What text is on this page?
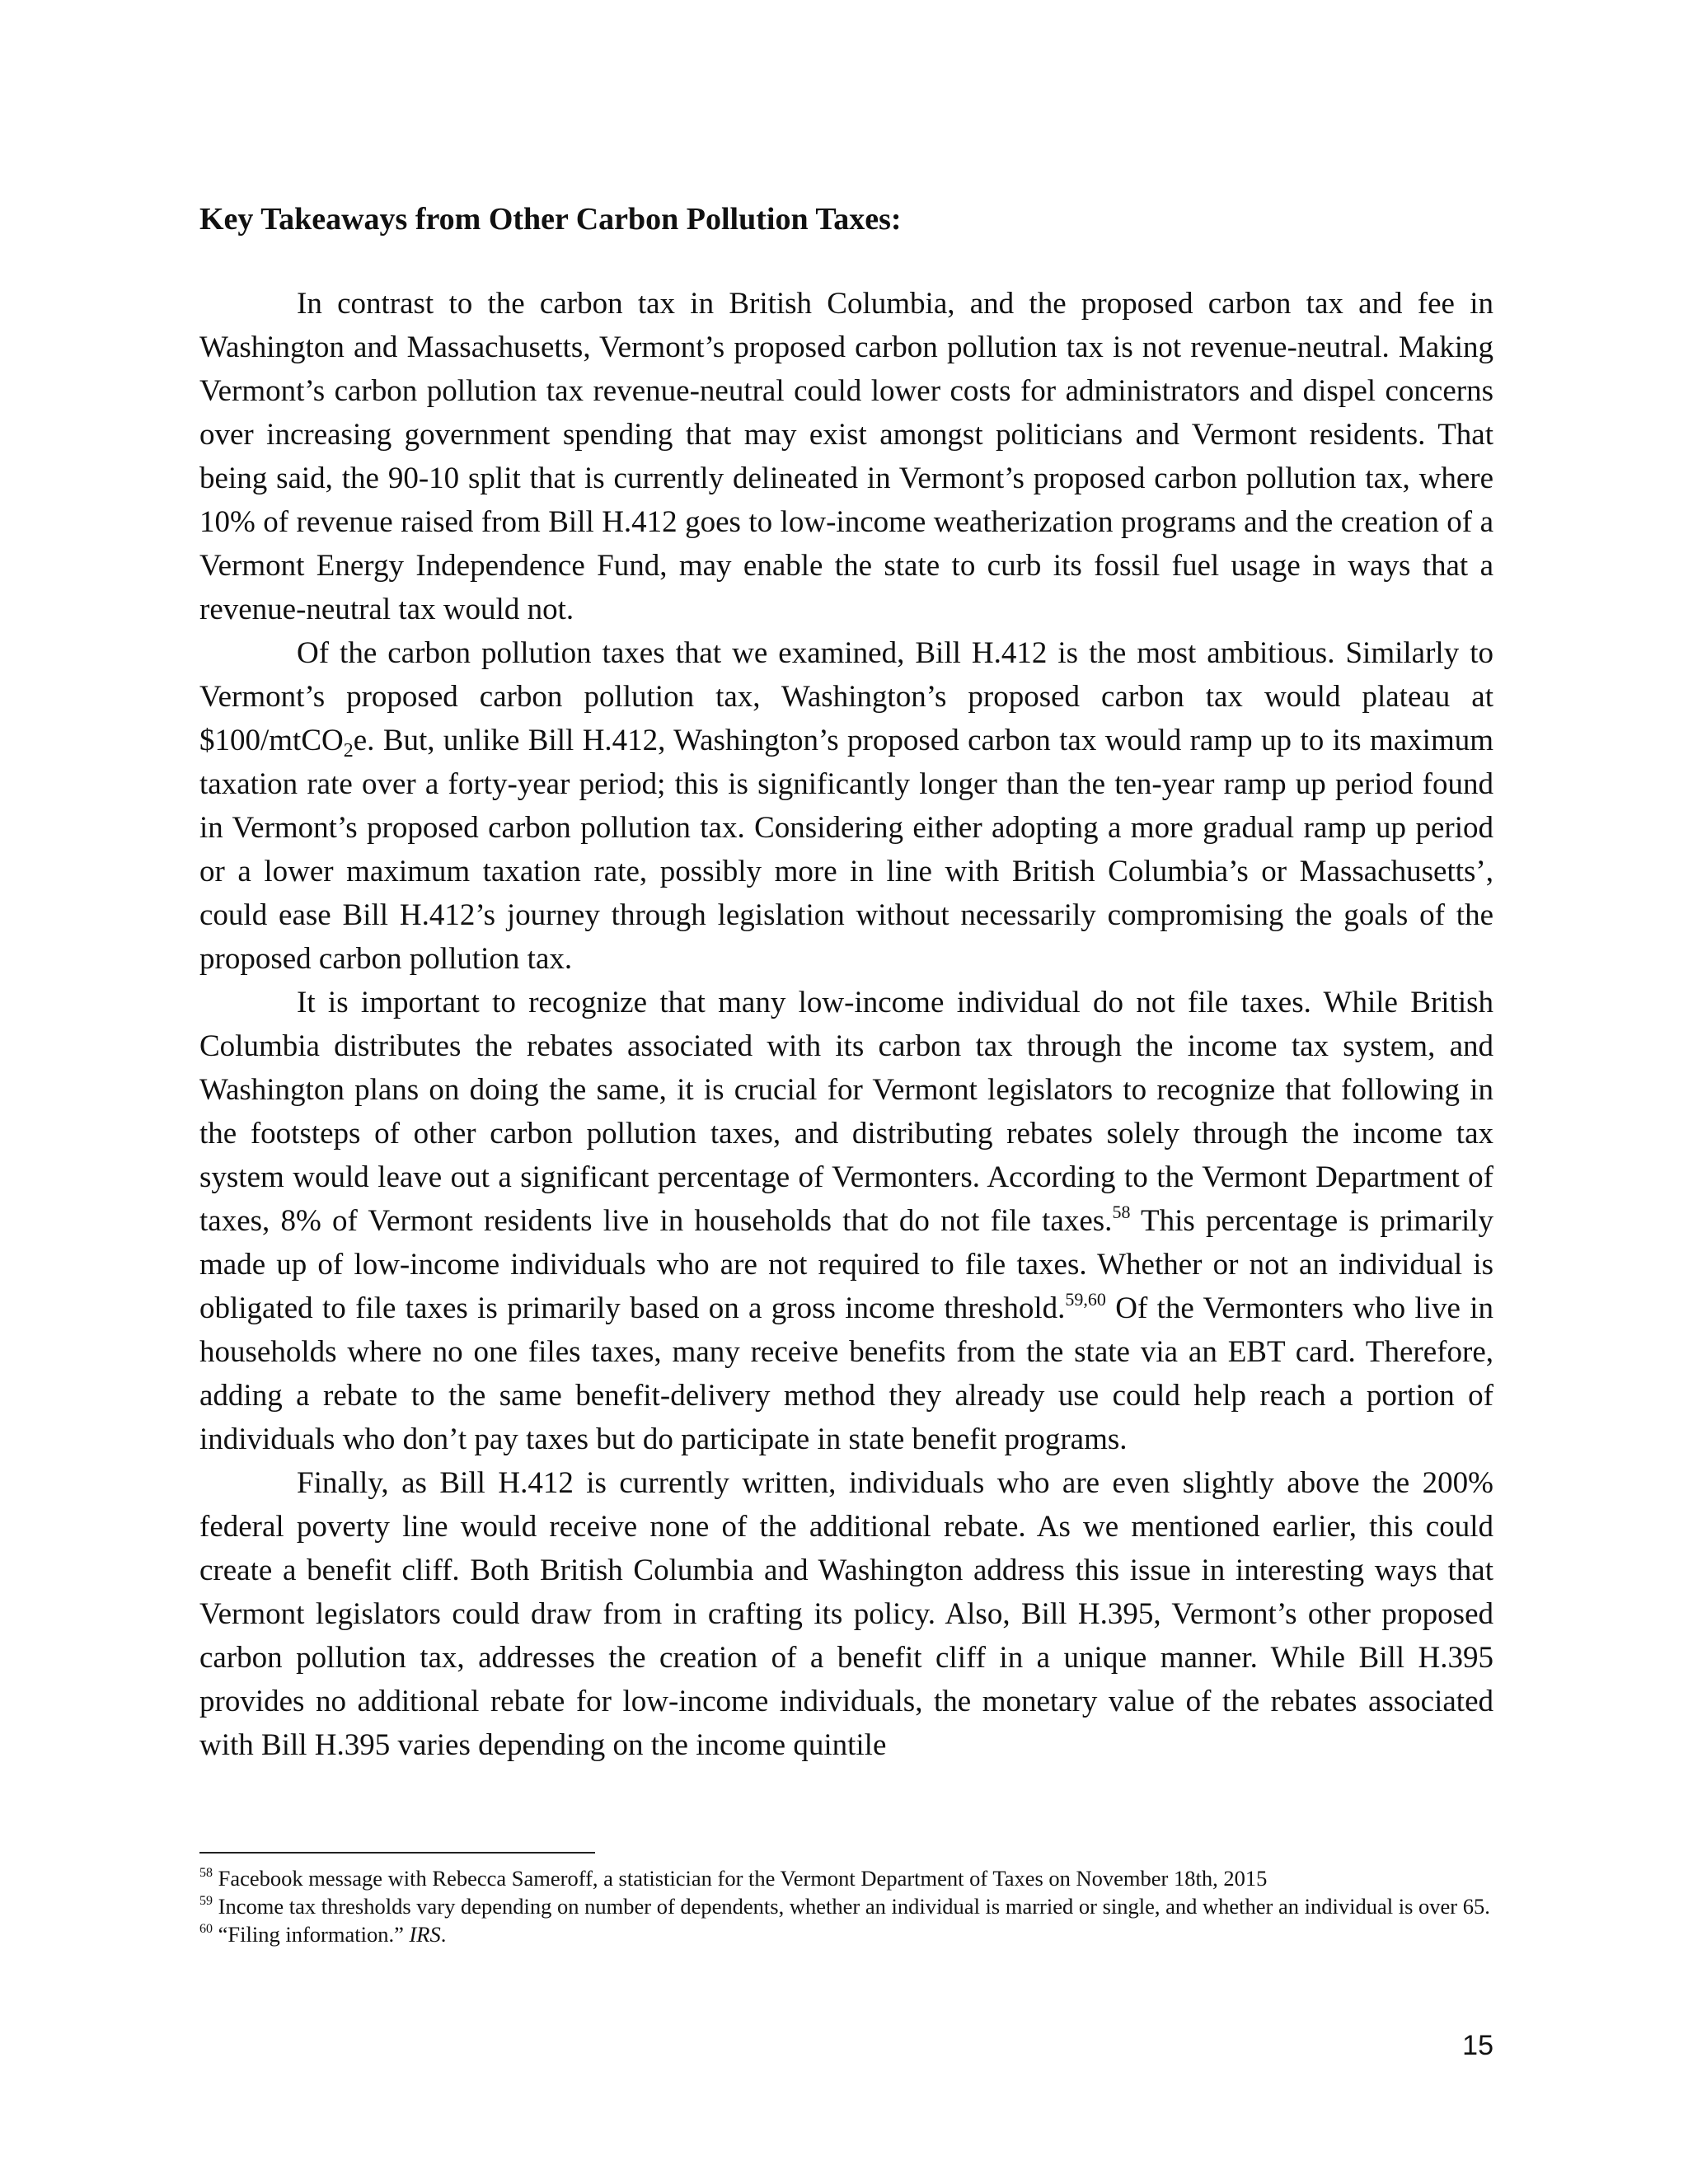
Key Takeaways from Other Carbon Pollution Taxes:

In contrast to the carbon tax in British Columbia, and the proposed carbon tax and fee in Washington and Massachusetts, Vermont’s proposed carbon pollution tax is not revenue-neutral. Making Vermont’s carbon pollution tax revenue-neutral could lower costs for administrators and dispel concerns over increasing government spending that may exist amongst politicians and Vermont residents. That being said, the 90-10 split that is currently delineated in Vermont’s proposed carbon pollution tax, where 10% of revenue raised from Bill H.412 goes to low-income weatherization programs and the creation of a Vermont Energy Independence Fund, may enable the state to curb its fossil fuel usage in ways that a revenue-neutral tax would not.

Of the carbon pollution taxes that we examined, Bill H.412 is the most ambitious. Similarly to Vermont’s proposed carbon pollution tax, Washington’s proposed carbon tax would plateau at $100/mtCO$_2$e. But, unlike Bill H.412, Washington’s proposed carbon tax would ramp up to its maximum taxation rate over a forty-year period; this is significantly longer than the ten-year ramp up period found in Vermont’s proposed carbon pollution tax. Considering either adopting a more gradual ramp up period or a lower maximum taxation rate, possibly more in line with British Columbia’s or Massachusetts’, could ease Bill H.412’s journey through legislation without necessarily compromising the goals of the proposed carbon pollution tax.

It is important to recognize that many low-income individual do not file taxes. While British Columbia distributes the rebates associated with its carbon tax through the income tax system, and Washington plans on doing the same, it is crucial for Vermont legislators to recognize that following in the footsteps of other carbon pollution taxes, and distributing rebates solely through the income tax system would leave out a significant percentage of Vermonters. According to the Vermont Department of taxes, 8% of Vermont residents live in households that do not file taxes.$^{58}$ This percentage is primarily made up of low-income individuals who are not required to file taxes. Whether or not an individual is obligated to file taxes is primarily based on a gross income threshold.$^{59,60}$ Of the Vermonters who live in households where no one files taxes, many receive benefits from the state via an EBT card. Therefore, adding a rebate to the same benefit-delivery method they already use could help reach a portion of individuals who don’t pay taxes but do participate in state benefit programs.

Finally, as Bill H.412 is currently written, individuals who are even slightly above the 200% federal poverty line would receive none of the additional rebate. As we mentioned earlier, this could create a benefit cliff. Both British Columbia and Washington address this issue in interesting ways that Vermont legislators could draw from in crafting its policy. Also, Bill H.395, Vermont’s other proposed carbon pollution tax, addresses the creation of a benefit cliff in a unique manner. While Bill H.395 provides no additional rebate for low-income individuals, the monetary value of the rebates associated with Bill H.395 varies depending on the income quintile

$^{58}$ Facebook message with Rebecca Sameroff, a statistician for the Vermont Department of Taxes on November 18th, 2015

$^{59}$ Income tax thresholds vary depending on number of dependents, whether an individual is married or single, and whether an individual is over 65.

$^{60}$ “Filing information.” IRS.

15
